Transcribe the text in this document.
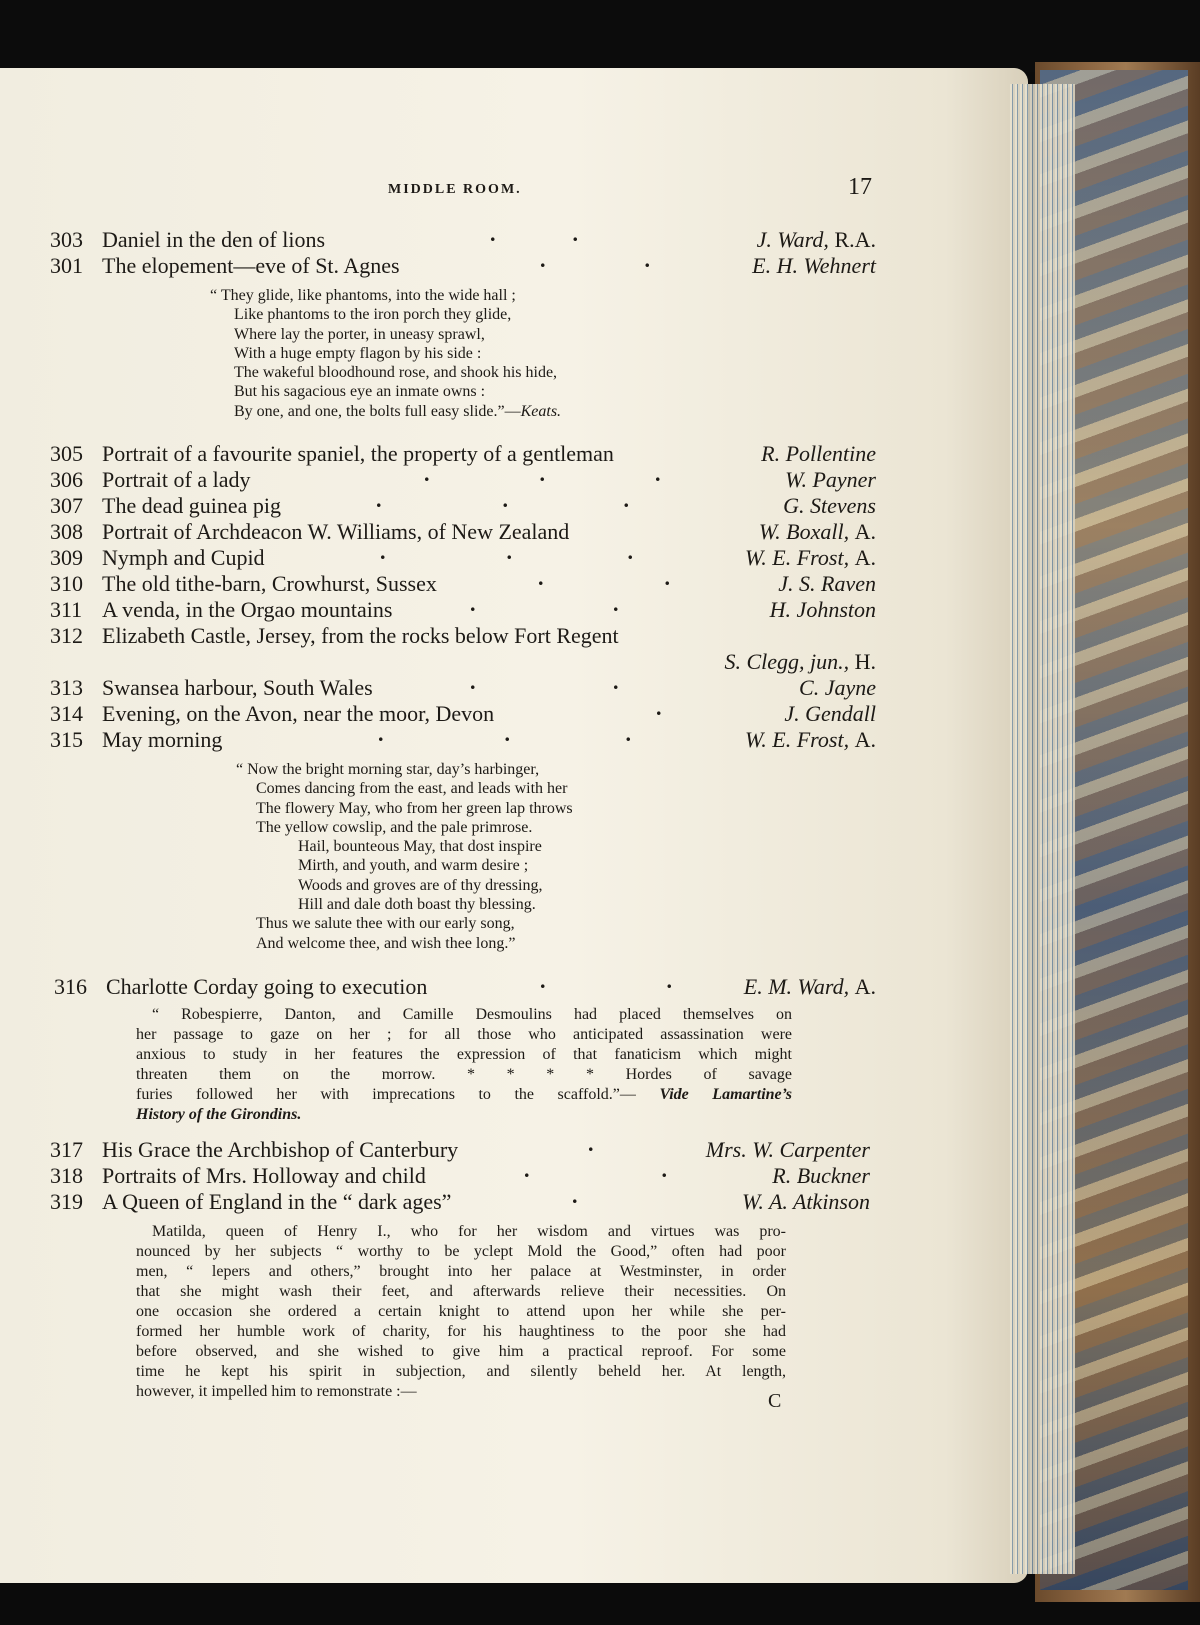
MIDDLE ROOM.	17
303 Daniel in the den of lions	.              .	J. Ward, R.A.
301 The elopement—eve of St. Agnes	.                  .	E. H. Wehnert
“ They glide, like phantoms, into the wide hall ;
Like phantoms to the iron porch they glide,
Where lay the porter, in uneasy sprawl,
With a huge empty flagon by his side :
The wakeful bloodhound rose, and shook his hide,
But his sagacious eye an inmate owns :
By one, and one, the bolts full easy slide.”—Keats.
305 Portrait of a favourite spaniel, the property of a gentleman	R. Pollentine
306 Portrait of a lady	.                    .                    .	W. Payner
307 The dead guinea pig	.                      .                     .	G. Stevens
308 Portrait of Archdeacon W. Williams, of New Zealand	W. Boxall, A.
309 Nymph and Cupid	.                      .                     .	W. E. Frost, A.
310 The old tithe-barn, Crowhurst, Sussex	.                      .	J. S. Raven
311 A venda, in the Orgao mountains	.                         .	H. Johnston
312 Elizabeth Castle, Jersey, from the rocks below Fort Regent
S. Clegg, jun., H.
313 Swansea harbour, South Wales	.                         .	C. Jayne
314 Evening, on the Avon, near the moor, Devon	.	J. Gendall
315 May morning	.                      .                     .	W. E. Frost, A.
“ Now the bright morning star, day’s harbinger,
Comes dancing from the east, and leads with her
The flowery May, who from her green lap throws
The yellow cowslip, and the pale primrose.
Hail, bounteous May, that dost inspire
Mirth, and youth, and warm desire ;
Woods and groves are of thy dressing,
Hill and dale doth boast thy blessing.
Thus we salute thee with our early song,
And welcome thee, and wish thee long.”
316 Charlotte Corday going to execution	.                      .	E. M. Ward, A.
“ Robespierre, Danton, and Camille Desmoulins had placed themselves on
her passage to gaze on her ; for all those who anticipated assassination were
anxious to study in her features the expression of that fanaticism which might
threaten them on the morrow. * * * * Hordes of savage
furies followed her with imprecations to the scaffold.”— Vide Lamartine’s
History of the Girondins.
317 His Grace the Archbishop of Canterbury	.	Mrs. W. Carpenter
318 Portraits of Mrs. Holloway and child	.                        .	R. Buckner
319 A Queen of England in the “ dark ages”	.	W. A. Atkinson
Matilda, queen of Henry I., who for her wisdom and virtues was pro-
nounced by her subjects “ worthy to be yclept Mold the Good,” often had poor
men, “ lepers and others,” brought into her palace at Westminster, in order
that she might wash their feet, and afterwards relieve their necessities. On
one occasion she ordered a certain knight to attend upon her while she per-
formed her humble work of charity, for his haughtiness to the poor she had
before observed, and she wished to give him a practical reproof. For some
time he kept his spirit in subjection, and silently beheld her. At length,
however, it impelled him to remonstrate :—	C
